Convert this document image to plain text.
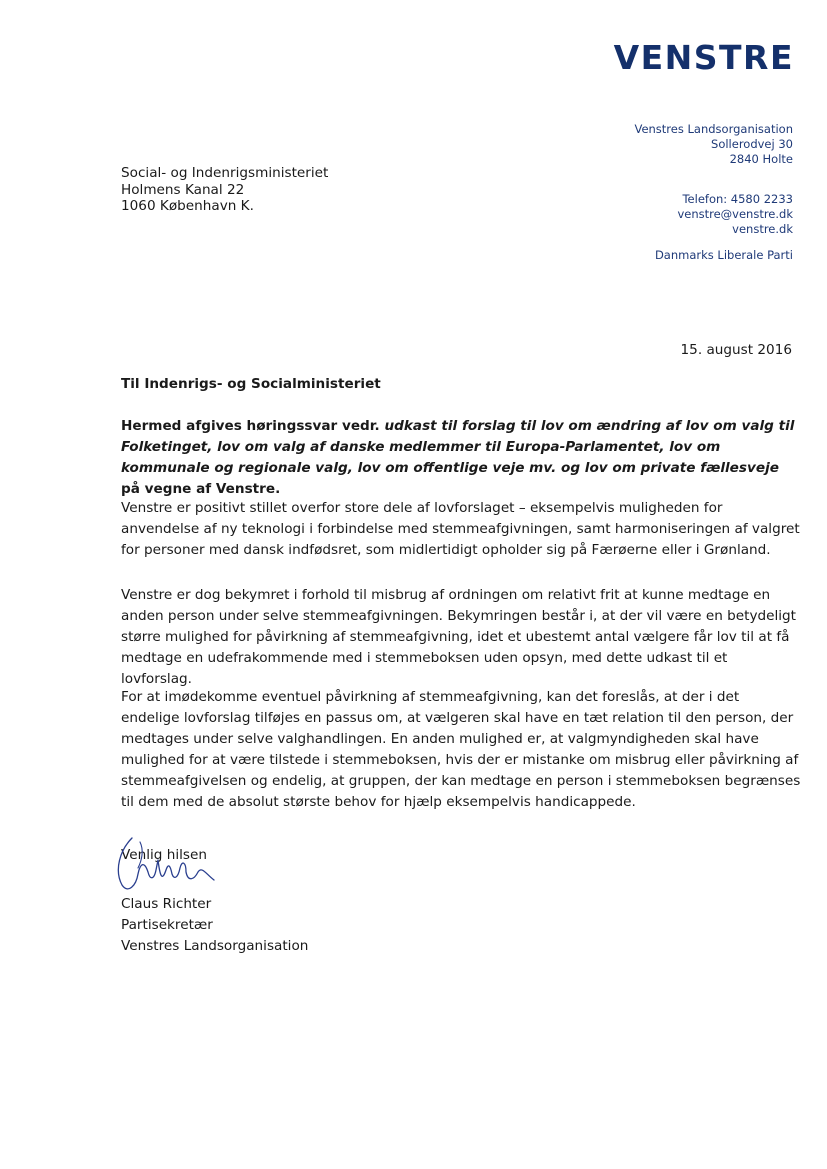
VENSTRE
Venstres Landsorganisation
Sollerodvej 30
2840 Holte
Telefon: 4580 2233
venstre@venstre.dk
venstre.dk
Danmarks Liberale Parti
Social- og Indenrigsministeriet
Holmens Kanal 22
1060 København K.
15. august 2016
Til Indenrigs- og Socialministeriet
Hermed afgives høringssvar vedr. udkast til forslag til lov om ændring af lov om valg til Folketinget, lov om valg af danske medlemmer til Europa-Parlamentet, lov om kommunale og regionale valg, lov om offentlige veje mv. og lov om private fællesveje på vegne af Venstre.
Venstre er positivt stillet overfor store dele af lovforslaget – eksempelvis muligheden for anvendelse af ny teknologi i forbindelse med stemmeafgivningen, samt harmoniseringen af valgret for personer med dansk indfødsret, som midlertidigt opholder sig på Færøerne eller i Grønland.
Venstre er dog bekymret i forhold til misbrug af ordningen om relativt frit at kunne medtage en anden person under selve stemmeafgivningen. Bekymringen består i, at der vil være en betydeligt større mulighed for påvirkning af stemmeafgivning, idet et ubestemt antal vælgere får lov til at få medtage en udefrakommende med i stemmeboksen uden opsyn, med dette udkast til et lovforslag.
For at imødekomme eventuel påvirkning af stemmeafgivning, kan det foreslås, at der i det endelige lovforslag tilføjes en passus om, at vælgeren skal have en tæt relation til den person, der medtages under selve valghandlingen. En anden mulighed er, at valgmyndigheden skal have mulighed for at være tilstede i stemmeboksen, hvis der er mistanke om misbrug eller påvirkning af stemmeafgivelsen og endelig, at gruppen, der kan medtage en person i stemmeboksen begrænses til dem med de absolut største behov for hjælp eksempelvis handicappede.
Venlig hilsen
Claus Richter
Partisekretær
Venstres Landsorganisation
